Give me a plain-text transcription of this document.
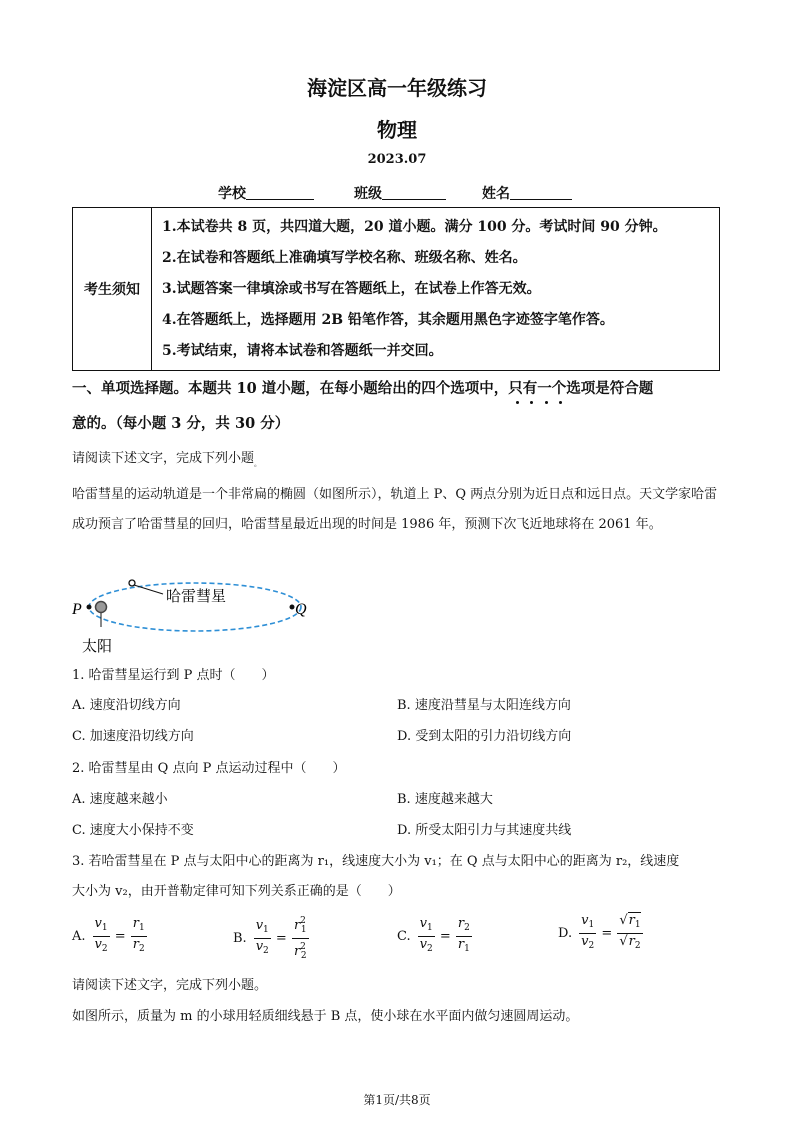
海淀区高一年级练习
物理
2023.07
学校	班级	姓名
考生须知	
1.本试卷共 8 页，共四道大题，20 道小题。满分 100 分。考试时间 90 分钟。
2.在试卷和答题纸上准确填写学校名称、班级名称、姓名。
3.试题答案一律填涂或书写在答题纸上，在试卷上作答无效。
4.在答题纸上，选择题用 2B 铅笔作答，其余题用黑色字迹签字笔作答。
5.考试结束，请将本试卷和答题纸一并交回。
一、单项选择题。本题共 10 道小题，在每小题给出的四个选项中，只
有
一
个
选项是符合题
意的。（每小题 3 分，共 30 分）
请阅读下述文字，完成下列小题$_。$
哈雷彗星的运动轨道是一个非常扁的椭圆（如图所示），轨道上 P、Q 两点分别为近日点和远日点。天文学家哈雷成功预言了哈雷彗星的回归，哈雷彗星最近出现的时间是 1986 年，预测下次飞近地球将在 2061 年。
P	Q
哈雷彗星
太阳
1. 哈雷彗星运行到 P 点时（　　）
A. 速度沿切线方向	B. 速度沿彗星与太阳连线方向
C. 加速度沿切线方向	D. 受到太阳的引力沿切线方向
2. 哈雷彗星由 Q 点向 P 点运动过程中（　　）
A. 速度越来越小	B. 速度越来越大
C. 速度大小保持不变	D. 所受太阳引力与其速度共线
3. 若哈雷彗星在 P 点与太阳中心的距离为 r₁，线速度大小为 v₁；在 Q 点与太阳中心的距离为 r₂，线速度
大小为 v₂，由开普勒定律可知下列关系正确的是（　　）
A. $\frac{v_1}{v_2} = \frac{r_1}{r_2}$	B. $\frac{v_1}{v_2} = \frac{r^2_1}{r^2_2}$	C. $\frac{v_1}{v_2} = \frac{r_2}{r_1}$	D. $\frac{v_1}{v_2} = \frac{√r_1}{√r_2}$
请阅读下述文字，完成下列小题。
如图所示，质量为 m 的小球用轻质细线悬于 B 点，使小球在水平面内做匀速圆周运动。
第1页/共8页
